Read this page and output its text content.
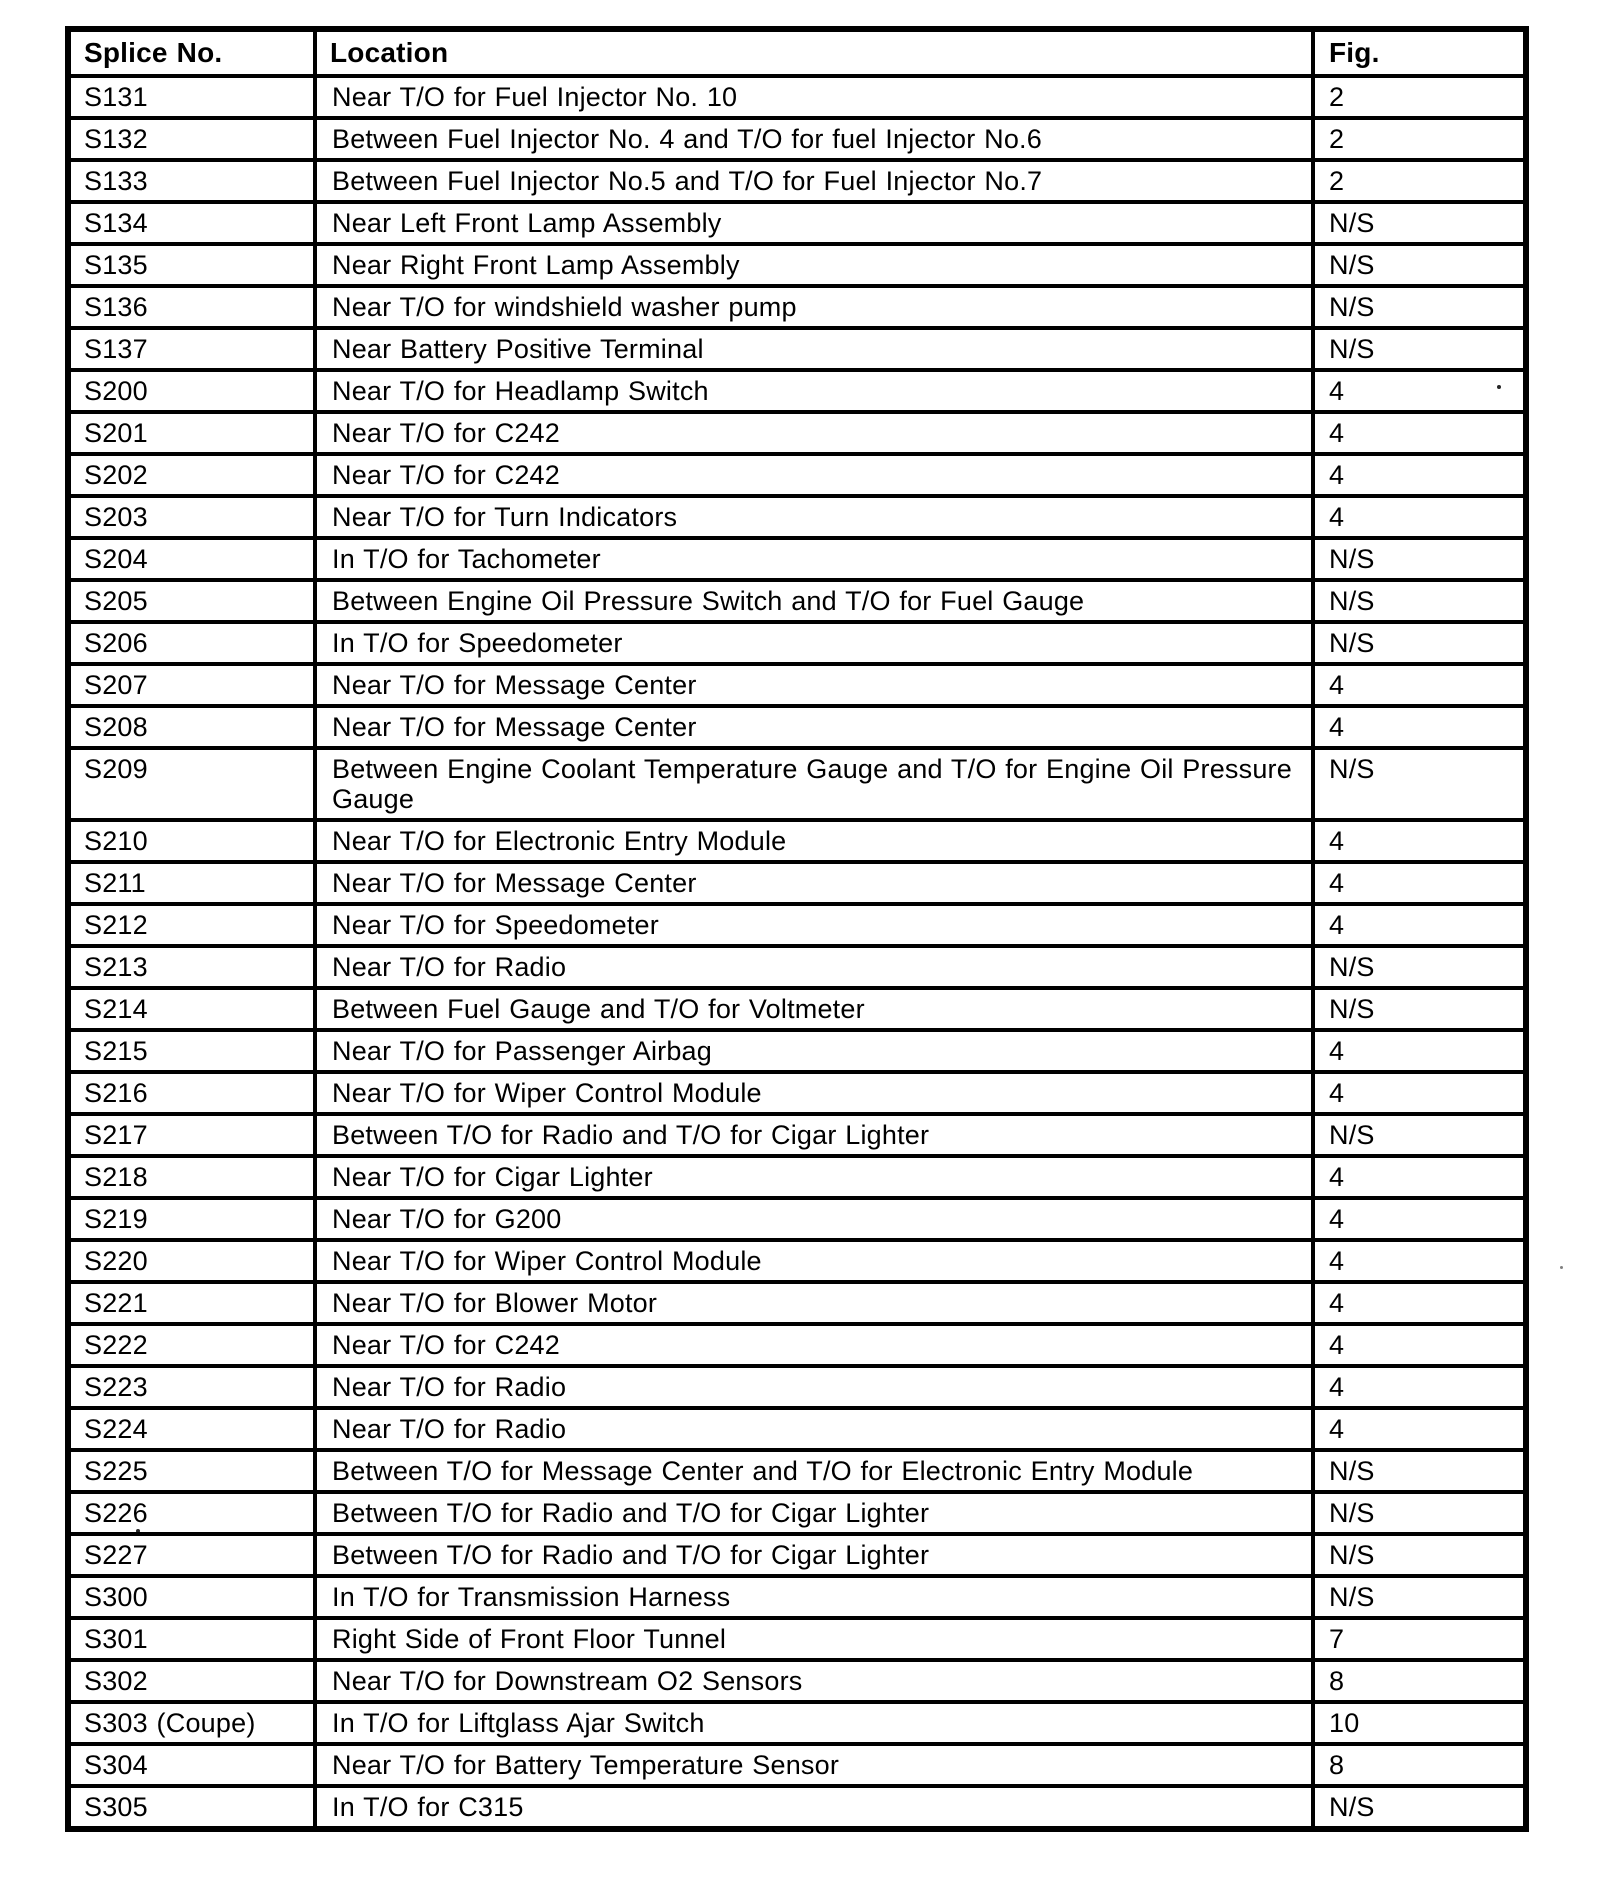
Splice No.	Location	Fig.
S131	Near T/O for Fuel Injector No. 10	2
S132	Between Fuel Injector No. 4 and T/O for fuel Injector No.6	2
S133	Between Fuel Injector No.5 and T/O for Fuel Injector No.7	2
S134	Near Left Front Lamp Assembly	N/S
S135	Near Right Front Lamp Assembly	N/S
S136	Near T/O for windshield washer pump	N/S
S137	Near Battery Positive Terminal	N/S
S200	Near T/O for Headlamp Switch	4
S201	Near T/O for C242	4
S202	Near T/O for C242	4
S203	Near T/O for Turn Indicators	4
S204	In T/O for Tachometer	N/S
S205	Between Engine Oil Pressure Switch and T/O for Fuel Gauge	N/S
S206	In T/O for Speedometer	N/S
S207	Near T/O for Message Center	4
S208	Near T/O for Message Center	4
S209	Between Engine Coolant Temperature Gauge and T/O for Engine Oil Pressure Gauge	N/S
S210	Near T/O for Electronic Entry Module	4
S211	Near T/O for Message Center	4
S212	Near T/O for Speedometer	4
S213	Near T/O for Radio	N/S
S214	Between Fuel Gauge and T/O for Voltmeter	N/S
S215	Near T/O for Passenger Airbag	4
S216	Near T/O for Wiper Control Module	4
S217	Between T/O for Radio and T/O for Cigar Lighter	N/S
S218	Near T/O for Cigar Lighter	4
S219	Near T/O for G200	4
S220	Near T/O for Wiper Control Module	4
S221	Near T/O for Blower Motor	4
S222	Near T/O for C242	4
S223	Near T/O for Radio	4
S224	Near T/O for Radio	4
S225	Between T/O for Message Center and T/O for Electronic Entry Module	N/S
S226	Between T/O for Radio and T/O for Cigar Lighter	N/S
S227	Between T/O for Radio and T/O for Cigar Lighter	N/S
S300	In T/O for Transmission Harness	N/S
S301	Right Side of Front Floor Tunnel	7
S302	Near T/O for Downstream O2 Sensors	8
S303 (Coupe)	In T/O for Liftglass Ajar Switch	10
S304	Near T/O for Battery Temperature Sensor	8
S305	In T/O for C315	N/S
